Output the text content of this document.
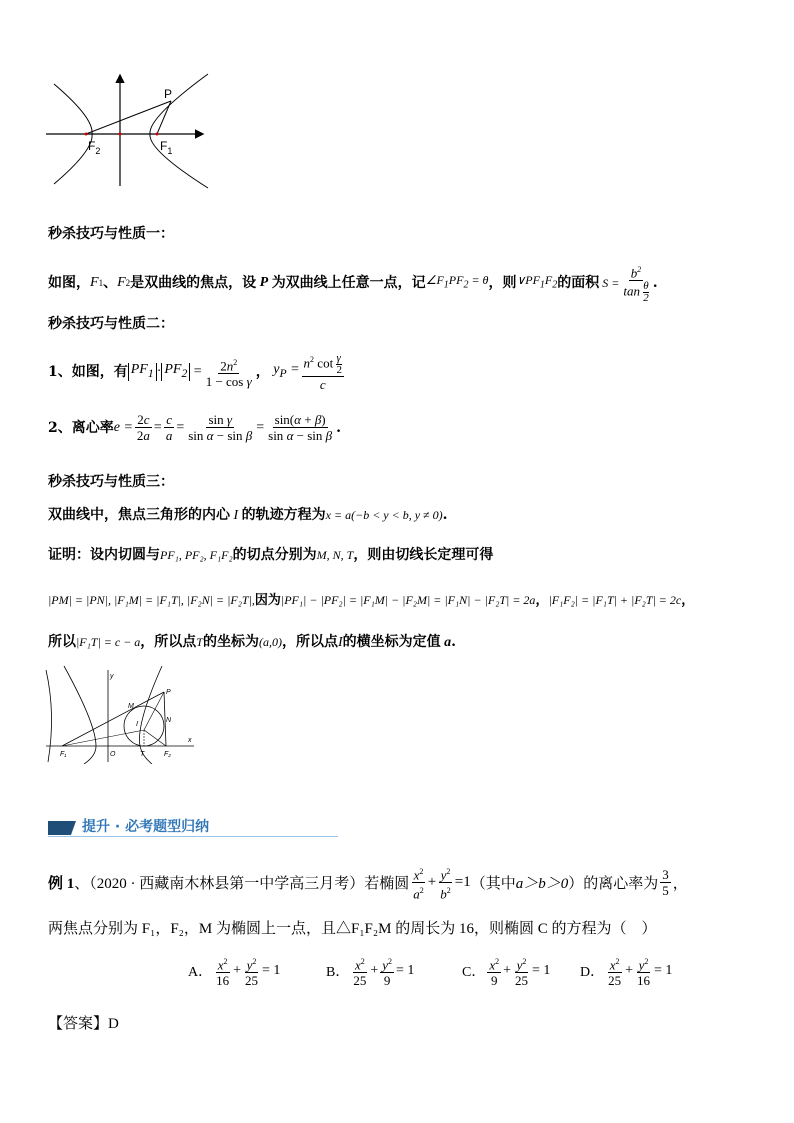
P
$F_2$	$F_1$
秒杀技巧与性质一：
如图， F 1 、 F 2 是双曲线的焦点，设 P 为双曲线上任意一点，记 $\angle F_1PF_2 = \theta$ ，则 $\vee PF_1F_2$ 的面积 $S = \frac{b^2}{\tan \frac{\theta}{2}}$ .
秒杀技巧与性质二：
1、如图，有 $PF_1 \cdot PF_2 = \frac{2n^2}{\text{1 − cos γ}}$ ， $y_P = \frac{n^2 \cot \frac{\gamma}{2}}{c}$
2、离心率 $e = \frac{2c}{2a} = \frac{c}{a} = \frac{\text{sin γ}}{\text{sin α − sin β}} = \frac{\sin(\alpha + \beta)}{\text{sin α − sin β}}$ .
秒杀技巧与性质三：
双曲线中，焦点三角形的内心 I 的轨迹方程为x = a(−b < y < b, y ≠ 0).
证明：设内切圆与PF₁, PF₂, F₁F₂的切点分别为M, N, T，则由切线长定理可得
|PM| = |PN|, |F₁M| = |F₁T|, |F₂N| = |F₂T|,因为|PF₁| − |PF₂| = |F₁M| − |F₂M| = |F₁N| − |F₂T| = 2a，|F₁F₂| = |F₁T| + |F₂T| = 2c，
所以|F₁T| = c − a，所以点T的坐标为(a,0)，所以点I的横坐标为定值 a.
y
x
P
M
N
I
O	T
F₁	F₂
提升 · 必考题型归纳
例 1 、（2020 · 西藏南木林县第一中学高三月考）若椭圆 $\frac{x^2}{a^2} + \frac{y^2}{b^2} =1$ （其中 a＞b＞0 ）的离心率为 $\frac{3}{5}$ ，
两焦点分别为 F₁，F₂，M 为椭圆上一点，且△F₁F₂M 的周长为 16，则椭圆 C 的方程为（　）
A． $\frac{x^2}{16} + \frac{y^2}{25} = 1$	B． $\frac{x^2}{25} + \frac{y^2}{9} = 1$	C． $\frac{x^2}{9} + \frac{y^2}{25} = 1$ D． $\frac{x^2}{25} + \frac{y^2}{16} = 1$
【答案】D
